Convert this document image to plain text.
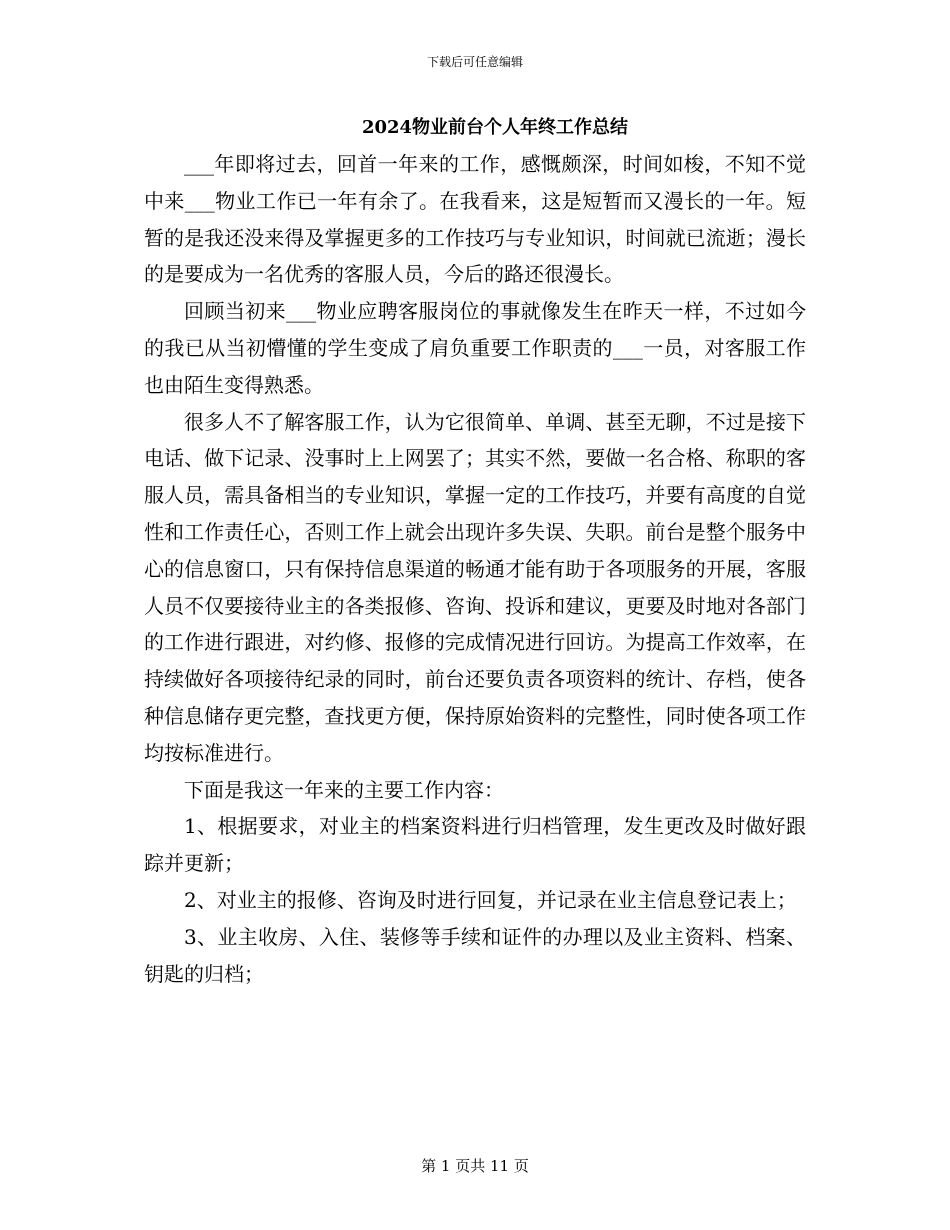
下载后可任意编辑
2024物业前台个人年终工作总结

___年即将过去，回首一年来的工作，感慨颇深，时间如梭，不知不觉中来___物业工作已一年有余了。在我看来，这是短暂而又漫长的一年。短暂的是我还没来得及掌握更多的工作技巧与专业知识，时间就已流逝；漫长的是要成为一名优秀的客服人员，今后的路还很漫长。

回顾当初来___物业应聘客服岗位的事就像发生在昨天一样，不过如今的我已从当初懵懂的学生变成了肩负重要工作职责的___一员，对客服工作也由陌生变得熟悉。

很多人不了解客服工作，认为它很简单、单调、甚至无聊，不过是接下电话、做下记录、没事时上上网罢了；其实不然，要做一名合格、称职的客服人员，需具备相当的专业知识，掌握一定的工作技巧，并要有高度的自觉性和工作责任心，否则工作上就会出现许多失误、失职。前台是整个服务中心的信息窗口，只有保持信息渠道的畅通才能有助于各项服务的开展，客服人员不仅要接待业主的各类报修、咨询、投诉和建议，更要及时地对各部门的工作进行跟进，对约修、报修的完成情况进行回访。为提高工作效率，在持续做好各项接待纪录的同时，前台还要负责各项资料的统计、存档，使各种信息储存更完整，查找更方便，保持原始资料的完整性，同时使各项工作均按标准进行。

下面是我这一年来的主要工作内容：

1、根据要求，对业主的档案资料进行归档管理，发生更改及时做好跟踪并更新；

2、对业主的报修、咨询及时进行回复，并记录在业主信息登记表上；

3、业主收房、入住、装修等手续和证件的办理以及业主资料、档案、钥匙的归档；

第 1 页共 11 页
